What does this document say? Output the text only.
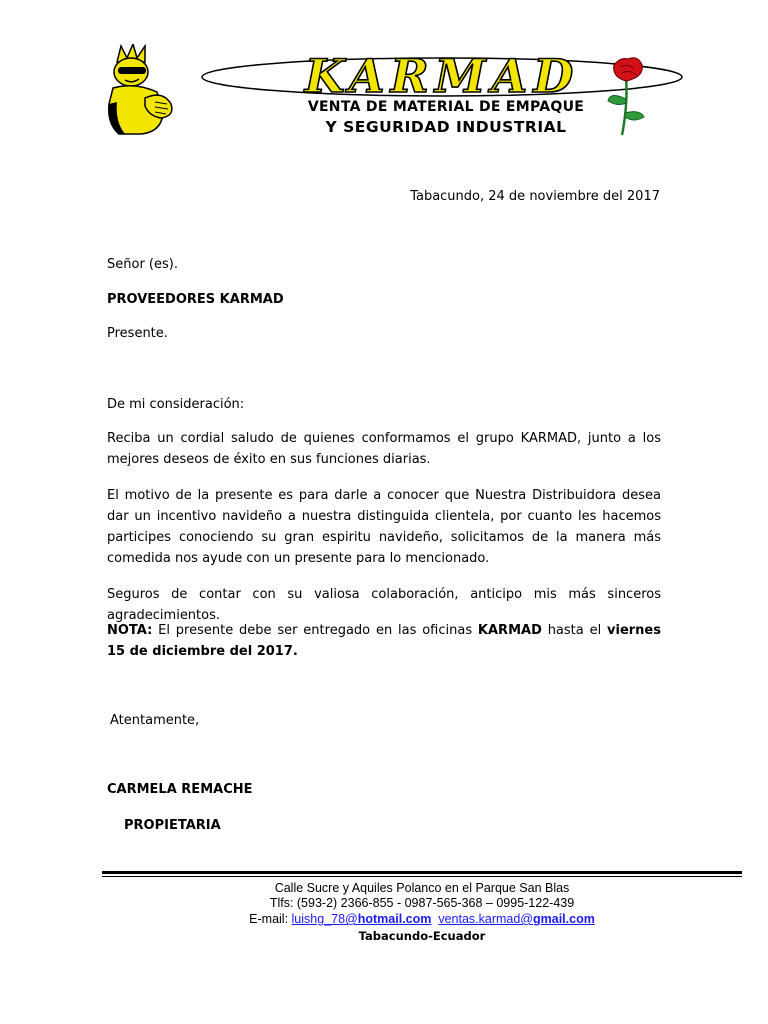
KARMAD
VENTA DE MATERIAL DE EMPAQUE
Y SEGURIDAD INDUSTRIAL
Tabacundo, 24 de noviembre del 2017
Señor (es).
PROVEEDORES KARMAD
Presente.
De mi consideración:
Reciba un cordial saludo de quienes conformamos el grupo KARMAD, junto a los mejores deseos de éxito en sus funciones diarias.
El motivo de la presente es para darle a conocer que Nuestra Distribuidora desea dar un incentivo navideño a nuestra distinguida clientela, por cuanto les hacemos participes conociendo su gran espiritu navideño, solicitamos de la manera más comedida nos ayude con un presente para lo mencionado.
Seguros de contar con su valiosa colaboración, anticipo mis más sinceros agradecimientos.
NOTA: El presente debe ser entregado en las oficinas KARMAD hasta el viernes 15 de diciembre del 2017.
Atentamente,
CARMELA REMACHE
PROPIETARIA
Calle Sucre y Aquiles Polanco en el Parque San Blas
Tlfs: (593-2) 2366-855 - 0987-565-368 – 0995-122-439
E-mail: luishg_78@hotmail.com ventas.karmad@gmail.com
Tabacundo-Ecuador
